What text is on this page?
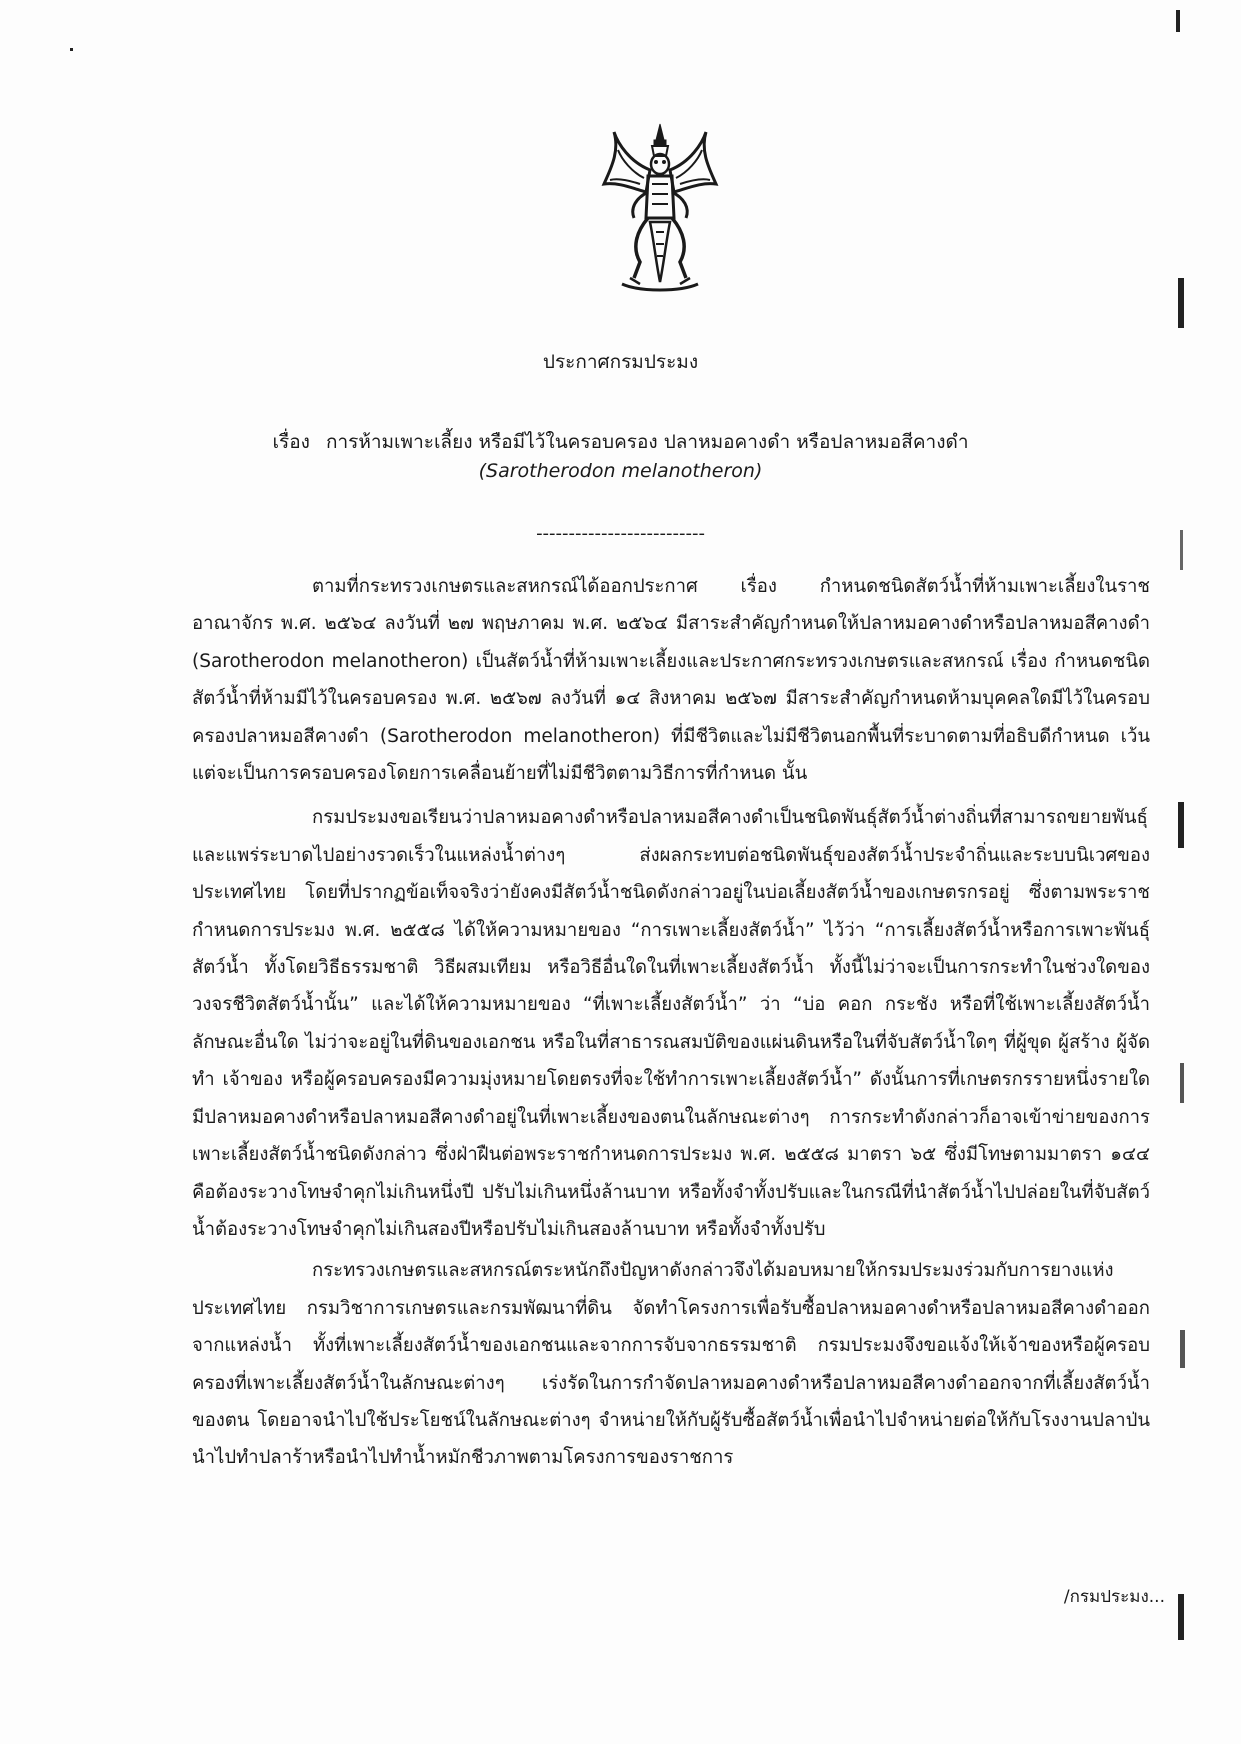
ประกาศกรมประมง
เรื่อง การห้ามเพาะเลี้ยง หรือมีไว้ในครอบครอง ปลาหมอคางดำ หรือปลาหมอสีคางดำ
(Sarotherodon melanotheron)
--------------------------

ตามที่กระทรวงเกษตรและสหกรณ์ได้ออกประกาศ เรื่อง กำหนดชนิดสัตว์น้ำที่ห้ามเพาะเลี้ยงในราชอาณาจักร พ.ศ. ๒๕๖๔ ลงวันที่ ๒๗ พฤษภาคม พ.ศ. ๒๕๖๔ มีสาระสำคัญกำหนดให้ปลาหมอคางดำหรือปลาหมอสีคางดำ (Sarotherodon melanotheron) เป็นสัตว์น้ำที่ห้ามเพาะเลี้ยงและประกาศกระทรวงเกษตรและสหกรณ์ เรื่อง กำหนดชนิดสัตว์น้ำที่ห้ามมีไว้ในครอบครอง พ.ศ. ๒๕๖๗ ลงวันที่ ๑๔ สิงหาคม ๒๕๖๗ มีสาระสำคัญกำหนดห้ามบุคคลใดมีไว้ในครอบครองปลาหมอสีคางดำ (Sarotherodon melanotheron) ที่มีชีวิตและไม่มีชีวิตนอกพื้นที่ระบาดตามที่อธิบดีกำหนด เว้นแต่จะเป็นการครอบครองโดยการเคลื่อนย้ายที่ไม่มีชีวิตตามวิธีการที่กำหนด นั้น

กรมประมงขอเรียนว่าปลาหมอคางดำหรือปลาหมอสีคางดำเป็นชนิดพันธุ์สัตว์น้ำต่างถิ่นที่สามารถขยายพันธุ์และแพร่ระบาดไปอย่างรวดเร็วในแหล่งน้ำต่างๆ ส่งผลกระทบต่อชนิดพันธุ์ของสัตว์น้ำประจำถิ่นและระบบนิเวศของประเทศไทย โดยที่ปรากฏข้อเท็จจริงว่ายังคงมีสัตว์น้ำชนิดดังกล่าวอยู่ในบ่อเลี้ยงสัตว์น้ำของเกษตรกรอยู่ ซึ่งตามพระราชกำหนดการประมง พ.ศ. ๒๕๕๘ ได้ให้ความหมายของ “การเพาะเลี้ยงสัตว์น้ำ” ไว้ว่า “การเลี้ยงสัตว์น้ำหรือการเพาะพันธุ์สัตว์น้ำ ทั้งโดยวิธีธรรมชาติ วิธีผสมเทียม หรือวิธีอื่นใดในที่เพาะเลี้ยงสัตว์น้ำ ทั้งนี้ไม่ว่าจะเป็นการกระทำในช่วงใดของวงจรชีวิตสัตว์น้ำนั้น” และได้ให้ความหมายของ “ที่เพาะเลี้ยงสัตว์น้ำ” ว่า “บ่อ คอก กระชัง หรือที่ใช้เพาะเลี้ยงสัตว์น้ำ ลักษณะอื่นใด ไม่ว่าจะอยู่ในที่ดินของเอกชน หรือในที่สาธารณสมบัติของแผ่นดินหรือในที่จับสัตว์น้ำใดๆ ที่ผู้ขุด ผู้สร้าง ผู้จัดทำ เจ้าของ หรือผู้ครอบครองมีความมุ่งหมายโดยตรงที่จะใช้ทำการเพาะเลี้ยงสัตว์น้ำ” ดังนั้นการที่เกษตรกรรายหนึ่งรายใดมีปลาหมอคางดำหรือปลาหมอสีคางดำอยู่ในที่เพาะเลี้ยงของตนในลักษณะต่างๆ การกระทำดังกล่าวก็อาจเข้าข่ายของการเพาะเลี้ยงสัตว์น้ำชนิดดังกล่าว ซึ่งฝ่าฝืนต่อพระราชกำหนดการประมง พ.ศ. ๒๕๕๘ มาตรา ๖๕ ซึ่งมีโทษตามมาตรา ๑๔๔ คือต้องระวางโทษจำคุกไม่เกินหนึ่งปี ปรับไม่เกินหนึ่งล้านบาท หรือทั้งจำทั้งปรับและในกรณีที่นำสัตว์น้ำไปปล่อยในที่จับสัตว์น้ำต้องระวางโทษจำคุกไม่เกินสองปีหรือปรับไม่เกินสองล้านบาท หรือทั้งจำทั้งปรับ

กระทรวงเกษตรและสหกรณ์ตระหนักถึงปัญหาดังกล่าวจึงได้มอบหมายให้กรมประมงร่วมกับการยางแห่งประเทศไทย กรมวิชาการเกษตรและกรมพัฒนาที่ดิน จัดทำโครงการเพื่อรับซื้อปลาหมอคางดำหรือปลาหมอสีคางดำออกจากแหล่งน้ำ ทั้งที่เพาะเลี้ยงสัตว์น้ำของเอกชนและจากการจับจากธรรมชาติ กรมประมงจึงขอแจ้งให้เจ้าของหรือผู้ครอบครองที่เพาะเลี้ยงสัตว์น้ำในลักษณะต่างๆ เร่งรัดในการกำจัดปลาหมอคางดำหรือปลาหมอสีคางดำออกจากที่เลี้ยงสัตว์น้ำของตน โดยอาจนำไปใช้ประโยชน์ในลักษณะต่างๆ จำหน่ายให้กับผู้รับซื้อสัตว์น้ำเพื่อนำไปจำหน่ายต่อให้กับโรงงานปลาป่น นำไปทำปลาร้าหรือนำไปทำน้ำหมักชีวภาพตามโครงการของราชการ

/กรมประมง...
